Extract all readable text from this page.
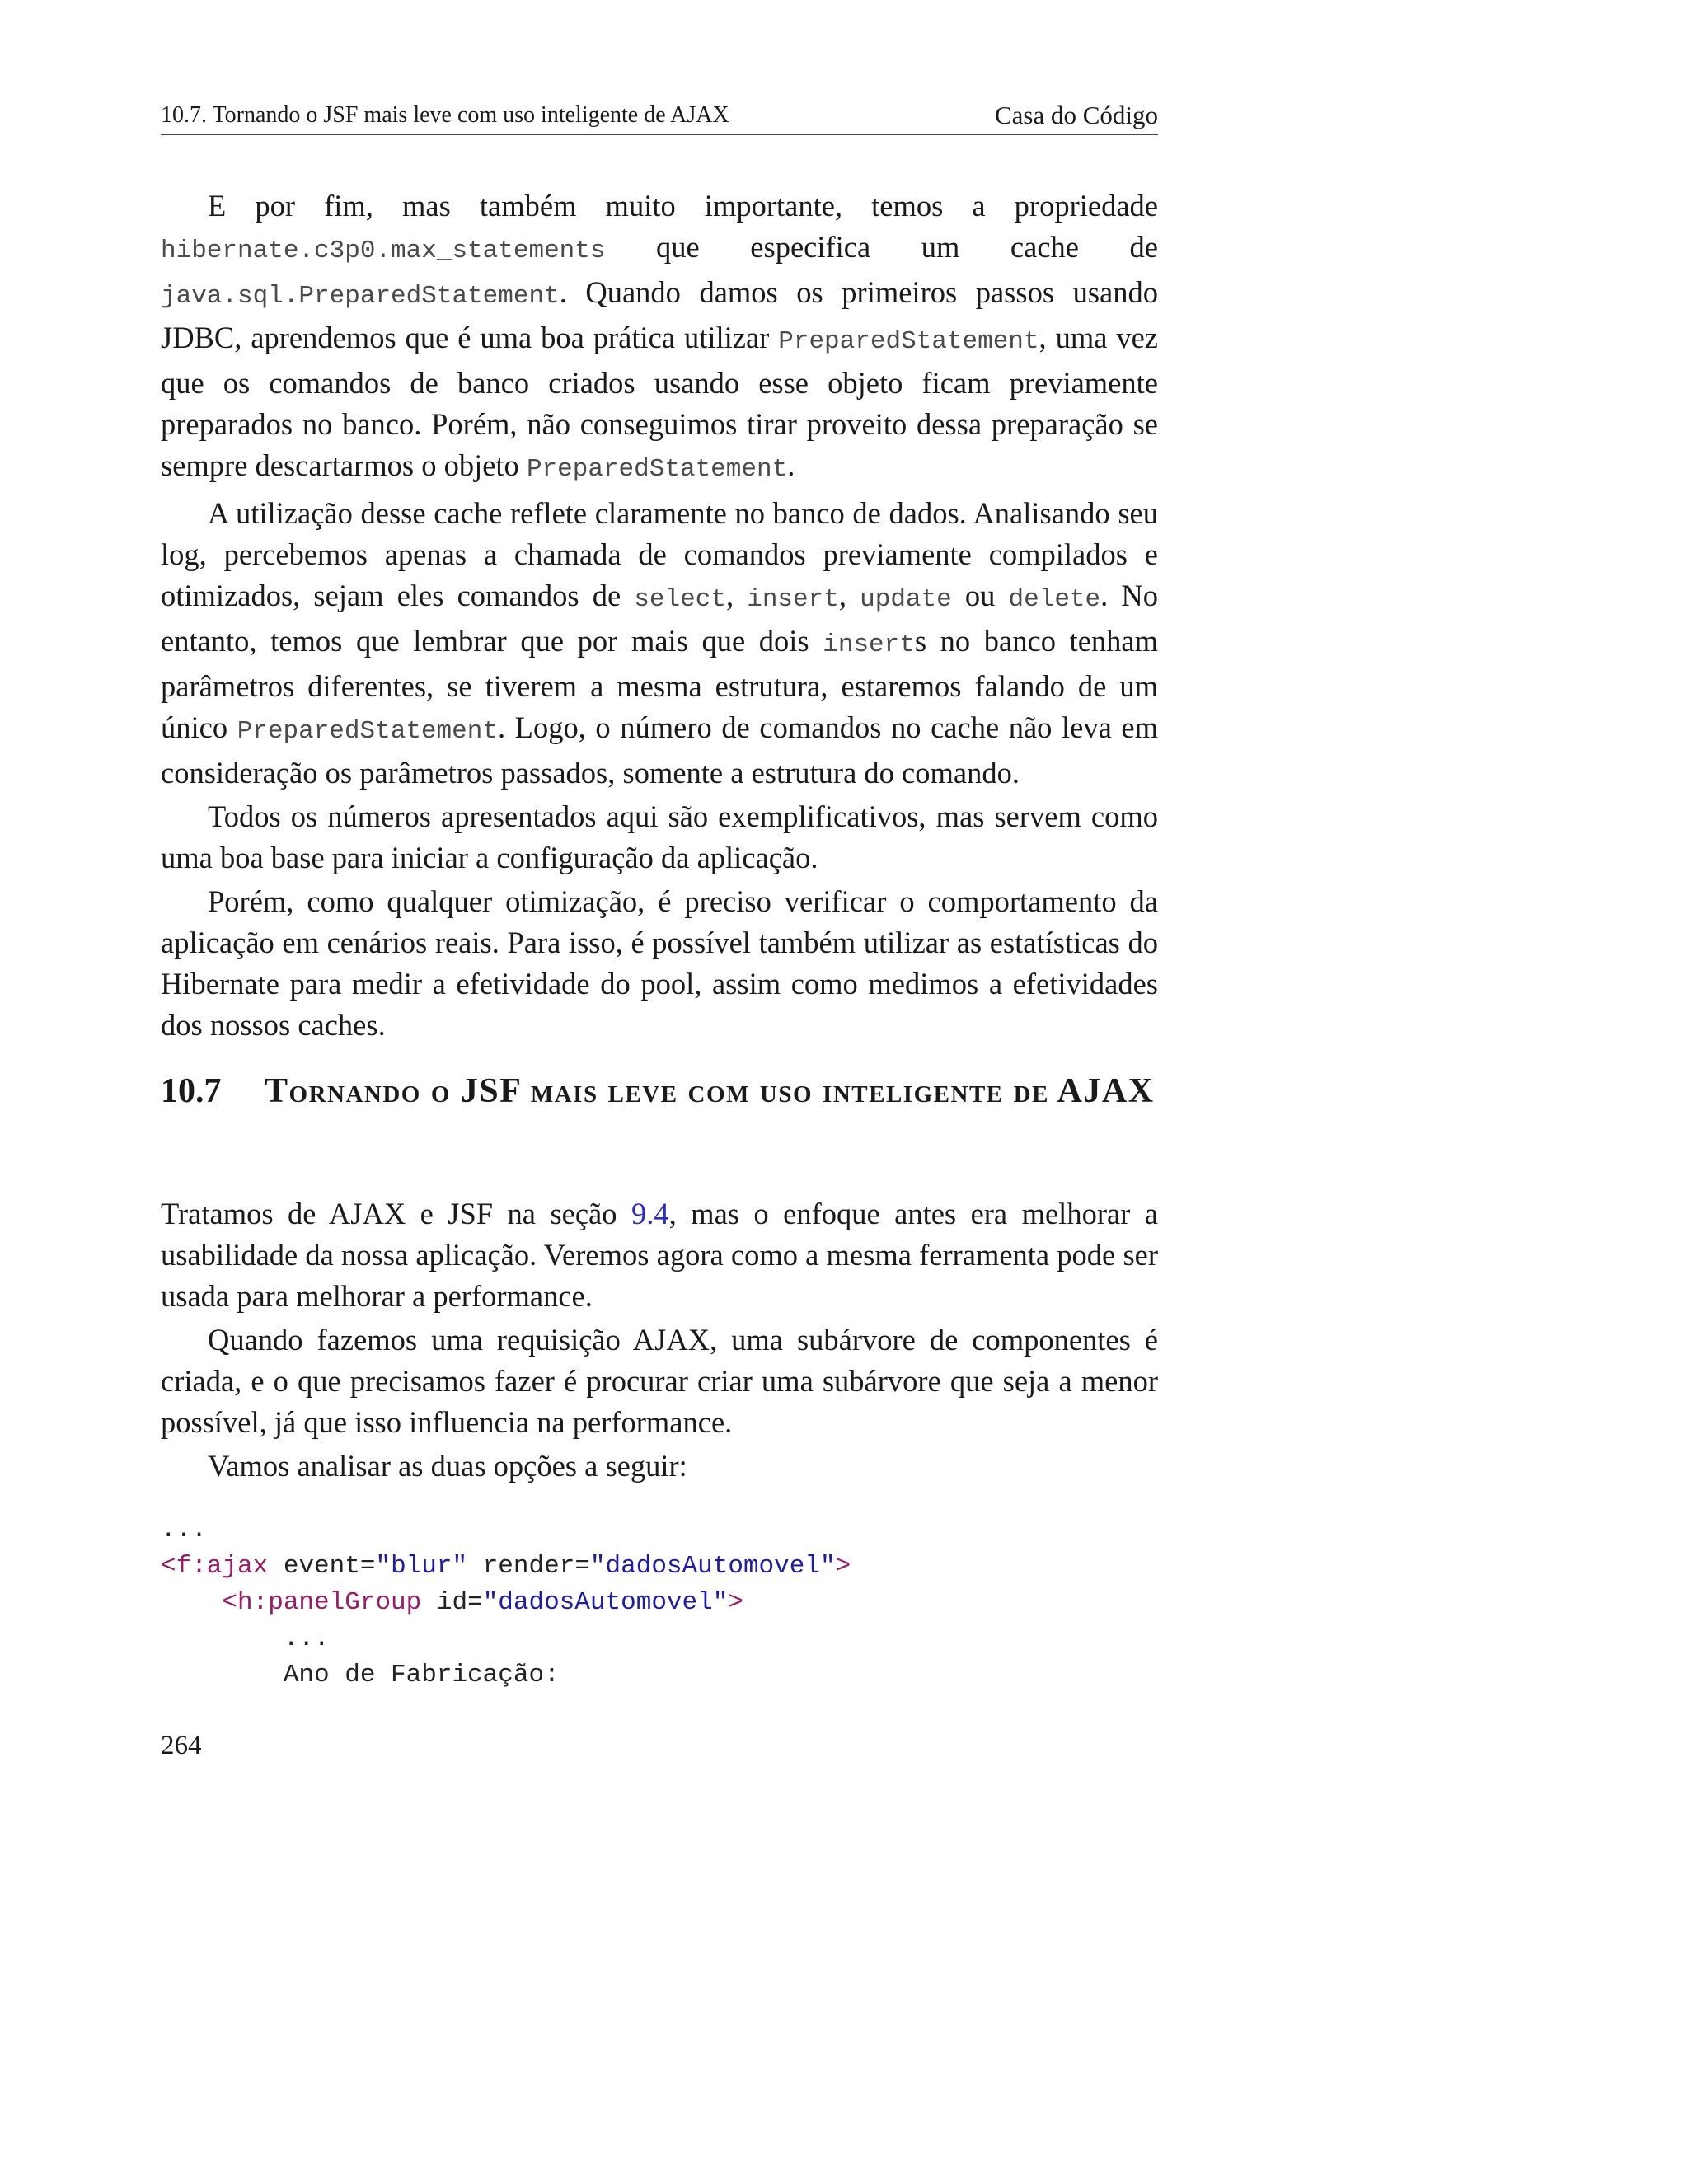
10.7. Tornando o JSF mais leve com uso inteligente de AJAX	Casa do Código

E por fim, mas também muito importante, temos a propriedade hibernate.c3p0.max_statements que especifica um cache de java.sql.PreparedStatement. Quando damos os primeiros passos usando JDBC, aprendemos que é uma boa prática utilizar PreparedStatement, uma vez que os comandos de banco criados usando esse objeto ficam previamente preparados no banco. Porém, não conseguimos tirar proveito dessa preparação se sempre descartarmos o objeto PreparedStatement.

A utilização desse cache reflete claramente no banco de dados. Analisando seu log, percebemos apenas a chamada de comandos previamente compilados e otimizados, sejam eles comandos de select, insert, update ou delete. No entanto, temos que lembrar que por mais que dois inserts no banco tenham parâmetros diferentes, se tiverem a mesma estrutura, estaremos falando de um único PreparedStatement. Logo, o número de comandos no cache não leva em consideração os parâmetros passados, somente a estrutura do comando.

Todos os números apresentados aqui são exemplificativos, mas servem como uma boa base para iniciar a configuração da aplicação.

Porém, como qualquer otimização, é preciso verificar o comportamento da aplicação em cenários reais. Para isso, é possível também utilizar as estatísticas do Hibernate para medir a efetividade do pool, assim como medimos a efetividades dos nossos caches.

10.7 Tornando o JSF mais leve com uso inteligente de AJAX

Tratamos de AJAX e JSF na seção 9.4, mas o enfoque antes era melhorar a usabilidade da nossa aplicação. Veremos agora como a mesma ferramenta pode ser usada para melhorar a performance.

Quando fazemos uma requisição AJAX, uma subárvore de componentes é criada, e o que precisamos fazer é procurar criar uma subárvore que seja a menor possível, já que isso influencia na performance.

Vamos analisar as duas opções a seguir:

...
<f:ajax event="blur" render="dadosAutomovel">
<h:panelGroup id="dadosAutomovel">
...
Ano de Fabricação:
264
